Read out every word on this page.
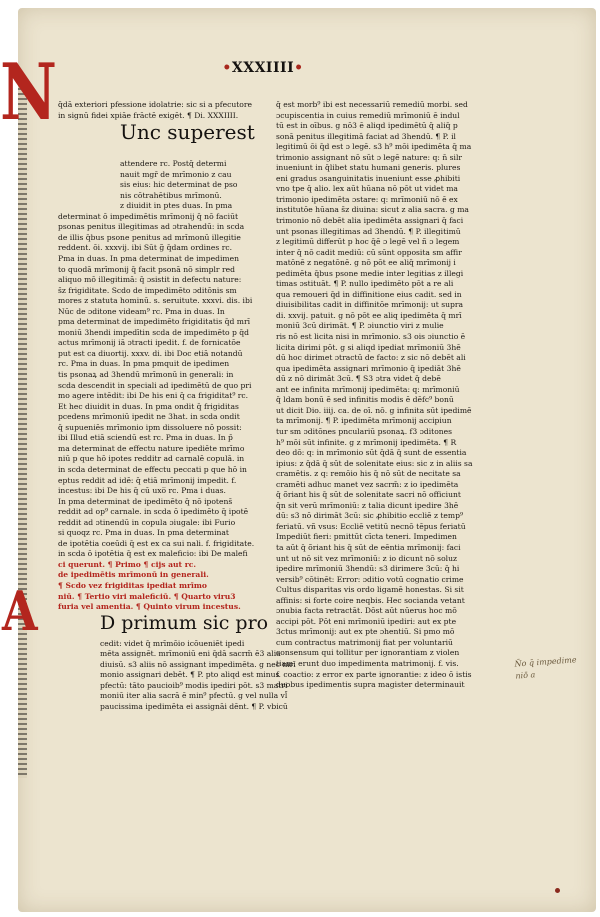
•XXXIIII•
q̄dā exteriori pfessione idolatrie: sic si a pfecutore
in signū fidei xpiāe frāctē exigēt. ¶ Di. XXXIIII.
Unc superest
attendere rc. Postq̄ determi
nauit mgr̄ de mrīmonio z cau
sis eius: hic determinat de pso
nis cōtrahētibus mrīmonū.
z diuidit in ptes duas. In pma
determinat ō impedimētis mrīmonij q̄ nō faciūt
psonas penitus illegitimas ad ɔtrahendū: in scda
de illis q̄bus psone penitus ad mrīmonū illegitie
reddent. ōi. xxxvij. ibi Sūt g̃ q̄dam ordines rc.
Pma in duas. In pma determinat de impedimen
to quodā mrīmonij q̄ facit psonā nō simplr red
aliquo mō illegitimā: q̄ ɔsistit in defectu nature:
s̄z frigiditate. Scdo de impedimēto ɔditōnis sm
mores z statuta hominū. s. seruitute. xxxvi. dis. ibi
Nūc de ɔditone videam⁹ rc. Pma in duas. In
pma determinat de impedimēto frigiditatis q̄d mrī
moniū 3hendi impedītin scda de impedimēto p q̄d
actus mrīmonij iā ɔtracti ipedit. f. de fornicatōe
put est ca diuortij. xxxv. di. ibi Doc etiā notandū
rc. Pma in duas. In pma pmquit de ipedimen
tis psonaꝝ ad 3hendū mrīmonū in generali: in
scda descendit in speciali ad ipedimētū de quo pri
mo agere intēdit: ibi De his eni q̄ ca frigiditat⁹ rc.
Et hec diuidit in duas. In pma ondit q̄ frigiditas
pcedens mrīmoniū ipedit ne 3hat. in scda ondit
q̄ supueniēs mrīmonio ipm dissoluere nō possit:
ibi Illud etiā sciendū est rc. Pma in duas. In p̄
ma determinat de effectu nature ipediēte mrīmo
niū p que hō ipotes redditr ad carnalē copulā. in
in scda determinat de effectu peccati p que hō in
eptus reddit ad idē: q̄ etiā mrīmonij impedit. f.
incestus: ibi De his q̄ cū uxo̅ rc. Pma i duas.
In pma determinat de ipedimēto q̄ nō ipotens̄
reddit ad op⁹ carnale. in scda ō ipedimēto q̄ ipotē
reddit ad ɔtinendū in copula ɔiugale: ibi Furio
si quoqz rc. Pma in duas. In pma determinat
de ipotētia coeūdi q̄ est ex ca sui nali. f. frigiditate.
in scda ō ipotētia q̄ est ex maleficio: ibi De malefi
ci querunt. ¶ Primo ¶ cijs aut rc.
de ipedimētis mrīmonū in generali.
¶ Scdo vez frigiditas ipediat mrīmo
niū. ¶ Tertio viri maleficiū. ¶ Quarto viru3
furia vel amentia. ¶ Quinto virum incestus.
D primum sic pro
cedit: videt q̄ mrīmōio icōueniēt ipedi
mēta assignēt. mrīmoniū eni q̄dā sacrm̄ ē3 alia
diuisū. s3 aliis nō assignant impedimēta. g nec mrī
monio assignari debēt. ¶ P. pto aliqd est minus
pfectū: tāto paucioib⁹ modis ipediri pōt. s3 matri
moniū iter alia sacrā ē min⁹ pfectū. g vel nulla vl̄
paucissima ipedimēta ei assignāi dēnt. ¶ P. vbicū
N
A
q̄ est morb⁹ ibi est necessariū remediū morbi. sed
ɔcupiscentia in cuius remediū mrīmoniū ē indul
tū est in oībus. g nō3 ē aliqd ipedimētū q̄ aliq̄ p
sonā penitus illegitimā faciat ad 3hendū. ¶ P. il
legitimū ōi q̄d est ɔ legē. s3 h⁹ mōi ipedimēta q̄ ma
trimonio assignant nō sūt ɔ legē nature: q: n̄ silr
inueniunt in q̄libet statu humani generis. plures
eni gradus ɔsanguinitatis inueniunt esse ꝓhibiti
vno tpe q̄ alio. lex aūt hūana nō pōt ut videt ma
trimonio ipedimēta ɔstare: q: mrīmoniū nō ē ex
institutōe hūana s̄z diuina: sicut z alia sacra. g ma
trimonio nō debēt alia ipedimēta assignari q̄ faci
unt psonas illegitimas ad 3hendū. ¶ P. illegitimū
z legitimū differūt p hoc q̄ē ɔ legē vel ñ ɔ legem
inter q̄ nō cadit mediū: cū sūnt opposita sm affir
matōnē z negatōnē. g nō pōt ee aliq̄ mrīmonij i
pedimēta q̄bus psone medie inter legitias z illegi
timas ɔstituāt. ¶ P. nullo ipedimēto pōt a re ali
qua remoueri q̄d in diffinitione eius cadit. sed in
diuisibilitas cadit in diffinitōe mrīmonij: ut supra
di. xxvij. patuit. g nō pōt ee aliq ipedimēta q̄ mrī
moniū 3cū dirimāt. ¶ P. ɔiunctio viri z mulie
ris nō est licita nisi in mrīmonio. s3 ois ɔiunctio ē
licita dirimi pōt. g si aliqd ipediat mrīmoniū 3hē
dū hoc dirimet ɔtractū de facto: z sic nō debēt ali
qua ipedimēta assignari mrīmonio q̄ ipediāt 3hē
dū z nō dirimāt 3cū. ¶ S3 ɔtra videt q̄ debē
ant ee infinita mrīmonij ipedimēta: q: mrīmoniū
q̄ ldam bonū ē sed infinitis modis ē dēfc⁹ bonū
ut dicit Dio. iiij. ca. de oī. nō. g infinita sūt ipedimē
ta mrīmonij. ¶ P. ipedimēta mrīmonij accipiun
tur sm ɔditōnes pnculariū psonaꝝ. f3 ɔditones
h⁹ mōi sūt infinite. g z mrīmonij ipedimēta. ¶ R
deo dō: q: in mrīmonio sūt q̄dā q̄ sunt de essentia
ipius: z q̄dā q̄ sūt de solenitate eius: sic z in aliis sa
cramētis. z q: remōio his q̄ nō sūt de necitate sa
cramēti adhuc manet vez sacrm̄: z io ipedimēta
q̄ õriant his q̄ sūt de solenitate sacri nō officiunt
q̄n sit verū mrīmoniū: z talia dicunt ipedire 3hē
dū: s3 nō dirimāt 3cū: sic ꝓhibitio eccliē z temp⁹
feriatū. vñ vsus: Eccliē vetitū necnō tēpus feriatū
Impediūt fieri: pmittūt cīcta teneri. Impedimen
ta aūt q̄ õriant his q̄ sūt de eēntia mrīmonij: faci
unt ut nō sit vez mrīmoniū: z io dicunt nō soluz
ipedire mrīmoniū 3hendū: s3 dirimere 3cū: q̄ hi
versib⁹ cōtinēt: Error: ɔditio votū cognatio crime
Cultus disparitas vis ordo ligamē honestas. Si sit
affinis: si forte coire neqbis. Hec socianda vetant
ɔnubia facta retractāt. Dōst aūt nūerus hoc mō
accipi pōt. Pōt eni mrīmoniū ipediri: aut ex pte
3ctus mrīmonij: aut ex pte ɔhentiū. Si pmo mō
cum contractus matrimonij fiat per voluntariū
consensum qui tollitur per ignorantiam z violen
tiam: erunt duo impedimenta matrimonij. f. vis.
f. coactio: z error ex parte ignorantie: z ideo ō istis
duobus ipedimentis supra magister determinauit
N̄o q̄ impedime
niō a
